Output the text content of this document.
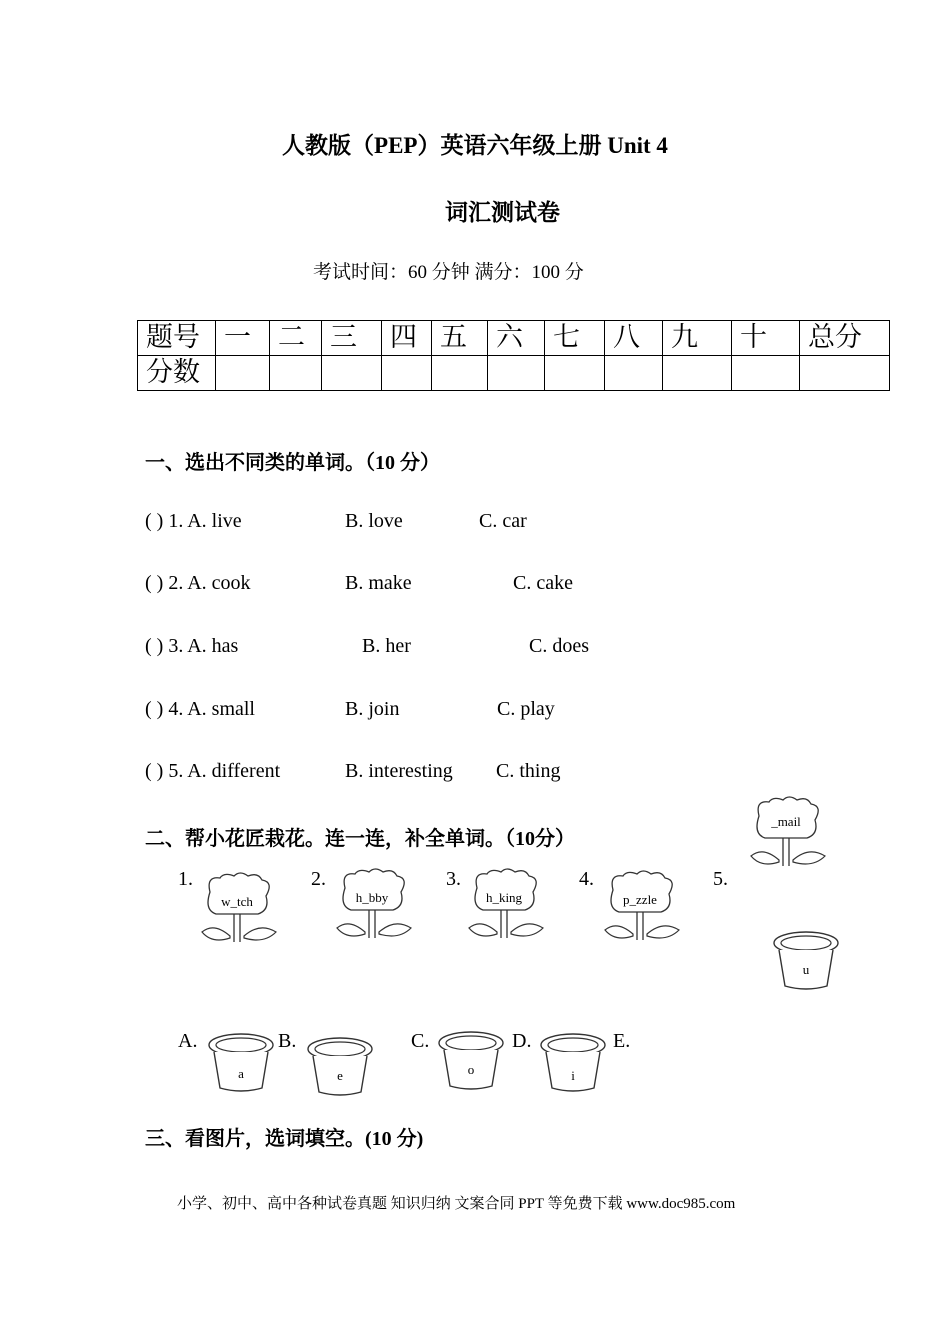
人教版（PEP）英语六年级上册 Unit 4
词汇测试卷
考试时间：60 分钟 满分：100 分
题号	一	二	三	四	五	六	七	八	九	十	总分
分数											
一、选出不同类的单词。（10 分）
( ) 1. A. live	B. love	C. car
( ) 2. A. cook	B. make	C. cake
( ) 3. A. has	B. her	C. does
( ) 4. A. small	B. join	C. play
( ) 5. A. different	B. interesting C. thing
二、帮小花匠栽花。连一连，补全单词。（10分）
1.	2.	3.	4.	5.
w_tch	h_bby	h_king	p_zzle
_mail
A.	B.	C.	D.	E.
a	e	o	i
u
三、看图片，选词填空。(10 分)
小学、初中、高中各种试卷真题 知识归纳 文案合同 PPT 等免费下载 www.doc985.com
